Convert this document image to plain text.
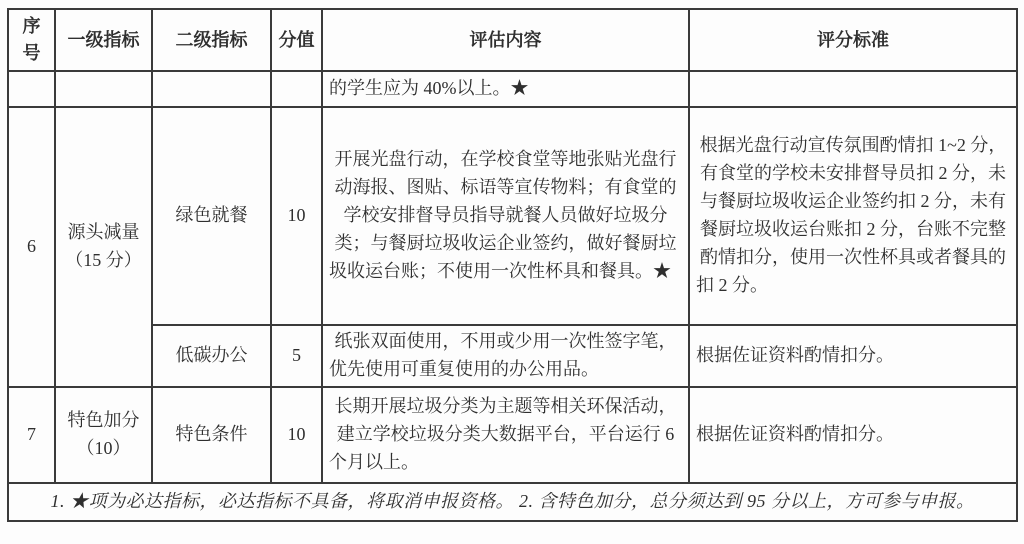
序号	一级指标	二级指标	分值	评估内容	评分标准
				的学生应为 40%以上。★	
6	源头减量（15 分）	绿色就餐	10	开展光盘行动，在学校食堂等地张贴光盘行动海报、图贴、标语等宣传物料；有食堂的学校安排督导员指导就餐人员做好垃圾分类；与餐厨垃圾收运企业签约，做好餐厨垃圾收运台账；不使用一次性杯具和餐具。★	根据光盘行动宣传氛围酌情扣 1~2 分，有食堂的学校未安排督导员扣 2 分，未与餐厨垃圾收运企业签约扣 2 分，未有餐厨垃圾收运台账扣 2 分，台账不完整酌情扣分，使用一次性杯具或者餐具的扣 2 分。
		低碳办公	5	纸张双面使用，不用或少用一次性签字笔，优先使用可重复使用的办公用品。	根据佐证资料酌情扣分。
7	特色加分（10）	特色条件	10	长期开展垃圾分类为主题等相关环保活动，建立学校垃圾分类大数据平台，平台运行 6 个月以上。	根据佐证资料酌情扣分。
1. ★项为必达指标，必达指标不具备，将取消申报资格。 2. 含特色加分，总分须达到 95 分以上，方可参与申报。					
